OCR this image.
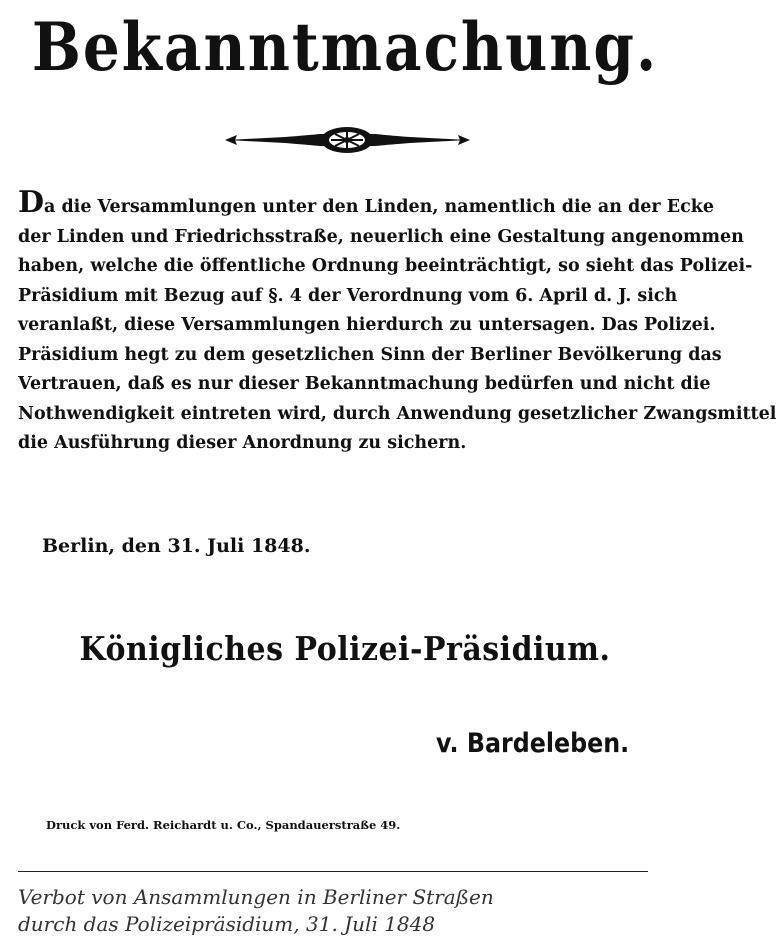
Bekanntmachung.
Da die Versammlungen unter den Linden, namentlich die an der Ecke
der Linden und Friedrichsstraße, neuerlich eine Gestaltung angenommen
haben, welche die öffentliche Ordnung beeinträchtigt, so sieht das Polizei-
Präsidium mit Bezug auf §. 4 der Verordnung vom 6. April d. J. sich
veranlaßt, diese Versammlungen hierdurch zu untersagen. Das Polizei.
Präsidium hegt zu dem gesetzlichen Sinn der Berliner Bevölkerung das
Vertrauen, daß es nur dieser Bekanntmachung bedürfen und nicht die
Nothwendigkeit eintreten wird, durch Anwendung gesetzlicher Zwangsmittel
die Ausführung dieser Anordnung zu sichern.
Berlin, den 31. Juli 1848.
Königliches Polizei-Präsidium.
v. Bardeleben.
Druck von Ferd. Reichardt u. Co., Spandauerstraße 49.
Verbot von Ansammlungen in Berliner Straßen
durch das Polizeipräsidium, 31. Juli 1848
